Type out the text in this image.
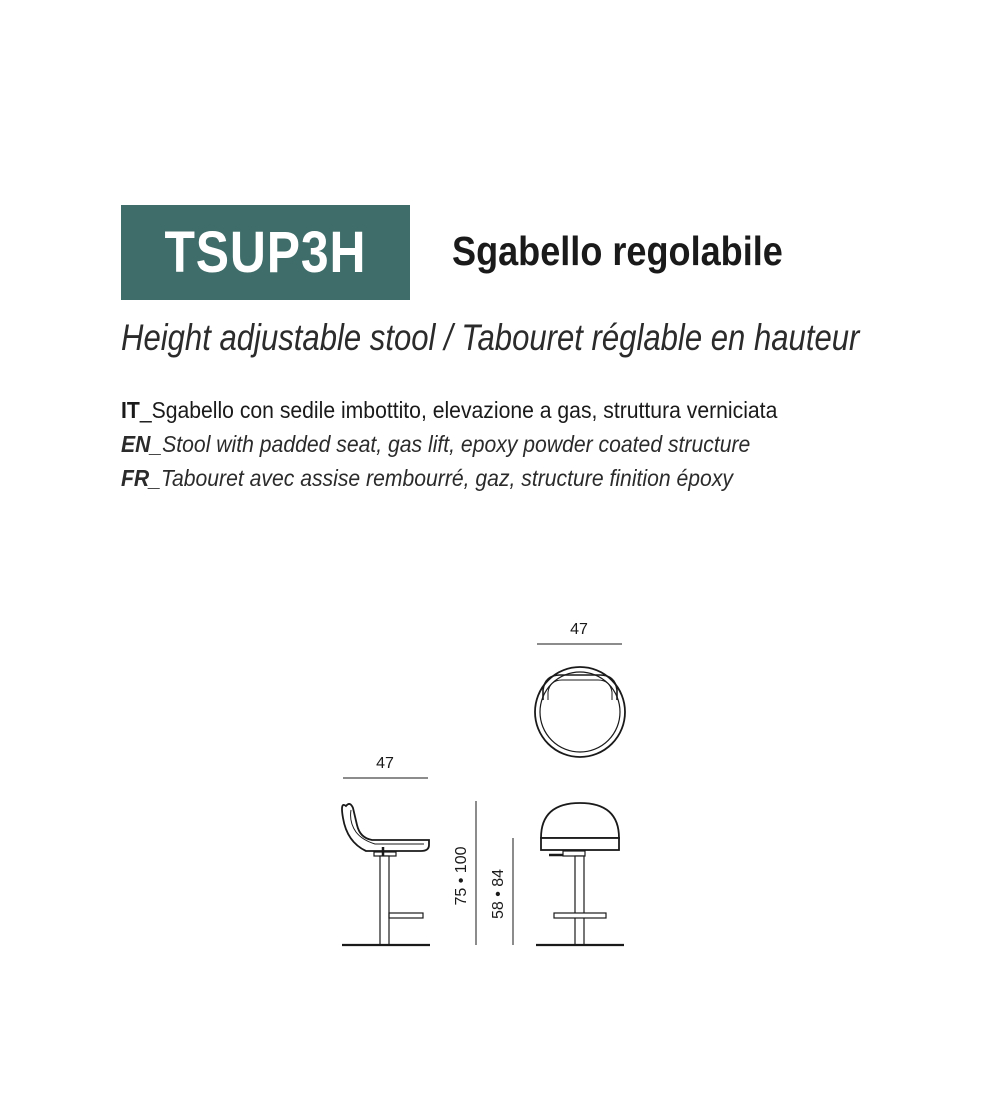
TSUP3H Sgabello regolabile
Height adjustable stool / Tabouret réglable en hauteur
IT_Sgabello con sedile imbottito, elevazione a gas, struttura verniciata
EN_Stool with padded seat, gas lift, epoxy powder coated structure
FR_Tabouret avec assise rembourré, gaz, structure finition époxy
47
47
75 • 100 58 • 84
